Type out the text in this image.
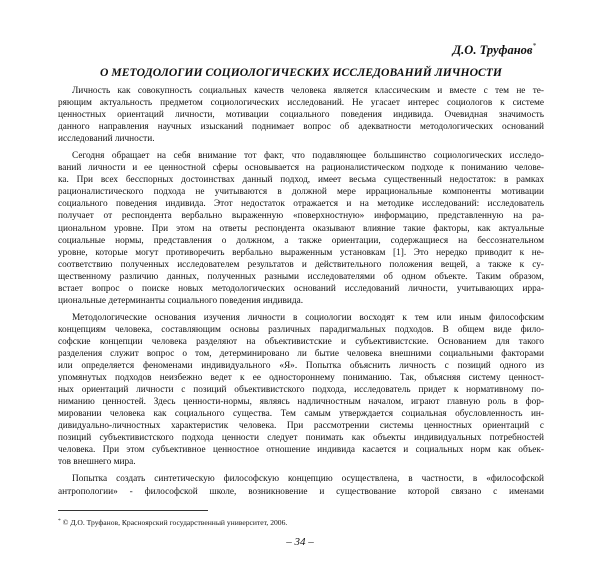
Д.О. Труфанов*
О МЕТОДОЛОГИИ СОЦИОЛОГИЧЕСКИХ ИССЛЕДОВАНИЙ ЛИЧНОСТИ
Личность как совокупность социальных качеств человека является классическим и вместе с тем не те-
ряющим актуальность предметом социологических исследований. Не угасает интерес социологов к системе
ценностных ориентаций личности, мотивации социального поведения индивида. Очевидная значимость
данного направления научных изысканий поднимает вопрос об адекватности методологических оснований
исследований личности.
Сегодня обращает на себя внимание тот факт, что подавляющее большинство социологических исследо-
ваний личности и ее ценностной сферы основывается на рационалистическом подходе к пониманию челове-
ка. При всех бесспорных достоинствах данный подход, имеет весьма существенный недостаток: в рамках
рационалистического подхода не учитываются в должной мере иррациональные компоненты мотивации
социального поведения индивида. Этот недостаток отражается и на методике исследований: исследователь
получает от респондента вербально выраженную «поверхностную» информацию, представленную на ра-
циональном уровне. При этом на ответы респондента оказывают влияние такие факторы, как актуальные
социальные нормы, представления о должном, а также ориентации, содержащиеся на бессознательном
уровне, которые могут противоречить вербально выраженным установкам [1]. Это нередко приводит к не-
соответствию полученных исследователем результатов и действительного положения вещей, а также к су-
щественному различию данных, полученных разными исследователями об одном объекте. Таким образом,
встает вопрос о поиске новых методологических оснований исследований личности, учитывающих ирра-
циональные детерминанты социального поведения индивида.
Методологические основания изучения личности в социологии восходят к тем или иным философским
концепциям человека, составляющим основы различных парадигмальных подходов. В общем виде фило-
софские концепции человека разделяют на объективистские и субъективистские. Основанием для такого
разделения служит вопрос о том, детерминировано ли бытие человека внешними социальными факторами
или определяется феноменами индивидуального «Я». Попытка объяснить личность с позиций одного из
упомянутых подходов неизбежно ведет к ее одностороннему пониманию. Так, объясняя систему ценност-
ных ориентаций личности с позиций объективистского подхода, исследователь придет к нормативному по-
ниманию ценностей. Здесь ценности-нормы, являясь надличностным началом, играют главную роль в фор-
мировании человека как социального существа. Тем самым утверждается социальная обусловленность ин-
дивидуально-личностных характеристик человека. При рассмотрении системы ценностных ориентаций с
позиций субъективистского подхода ценности следует понимать как объекты индивидуальных потребностей
человека. При этом субъективное ценностное отношение индивида касается и социальных норм как объек-
тов внешнего мира.
Попытка создать синтетическую философскую концепцию осуществлена, в частности, в «философской
антропологии» - философской школе, возникновение и существование которой связано с именами
* © Д.О. Труфанов, Красноярский государственный университет, 2006.
– 34 –
